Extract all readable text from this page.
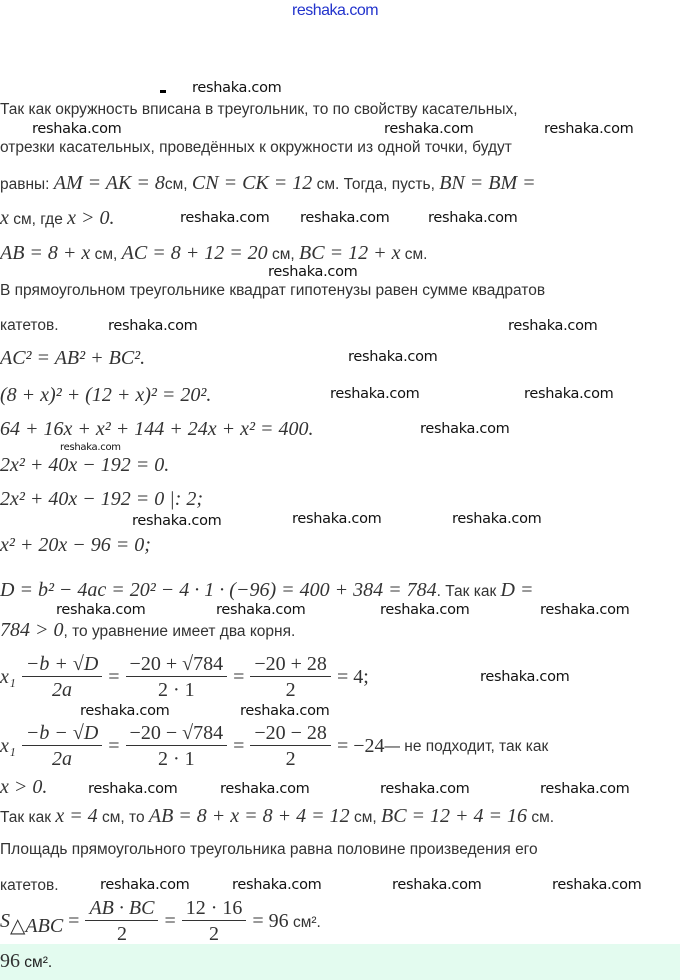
reshaka.com
Так как окружность вписана в треугольник, то по свойству касательных,
отрезки касательных, проведённых к окружности из одной точки, будут
равны: AM = AK = 8см, CN = CK = 12 см. Тогда, пусть, BN = BM =
x см, где x > 0.
AB = 8 + x см, AC = 8 + 12 = 20 см, BC = 12 + x см.
В прямоугольном треугольнике квадрат гипотенузы равен сумме квадратов
катетов.
AC² = AB² + BC².
(8 + x)² + (12 + x)² = 20².
64 + 16x + x² + 144 + 24x + x² = 400.
2x² + 40x − 192 = 0.
2x² + 40x − 192 = 0 |: 2;
x² + 20x − 96 = 0;
D = b² − 4ac = 20² − 4 · 1 · (−96) = 400 + 384 = 784. Так как D =
784 > 0, то уравнение имеет два корня.
$x_1 \frac{-b + √D}{2a} = \frac{-20 + √784}{2 \cdot 1} = \frac{-20 + 28}{2} = 4$;
$x_1 \frac{-b - √D}{2a} = \frac{-20 - √784}{2 \cdot 1} = \frac{-20 - 28}{2} = -24$ — не подходит, так как
x > 0.
Так как x = 4 см, то AB = 8 + x = 8 + 4 = 12 см, BC = 12 + 4 = 16 см.
Площадь прямоугольного треугольника равна половине произведения его
катетов.
$S_{\triangle ABC} = \frac{AB \cdot BC}{2} = \frac{12 \cdot 16}{2} = 96$ см².
96 см².
reshaka.com
reshaka.com	reshaka.com	reshaka.com
reshaka.com reshaka.com	reshaka.com
reshaka.com
reshaka.com
reshaka.com
reshaka.com
reshaka.com
reshaka.com
reshaka.com
reshaka.com
reshaka.com	reshaka.com
reshaka.com
reshaka.com	reshaka.com	reshaka.com	reshaka.com
reshaka.com
reshaka.com	reshaka.com
reshaka.com	reshaka.com	reshaka.com	reshaka.com
reshaka.com	reshaka.com	reshaka.com	reshaka.com
